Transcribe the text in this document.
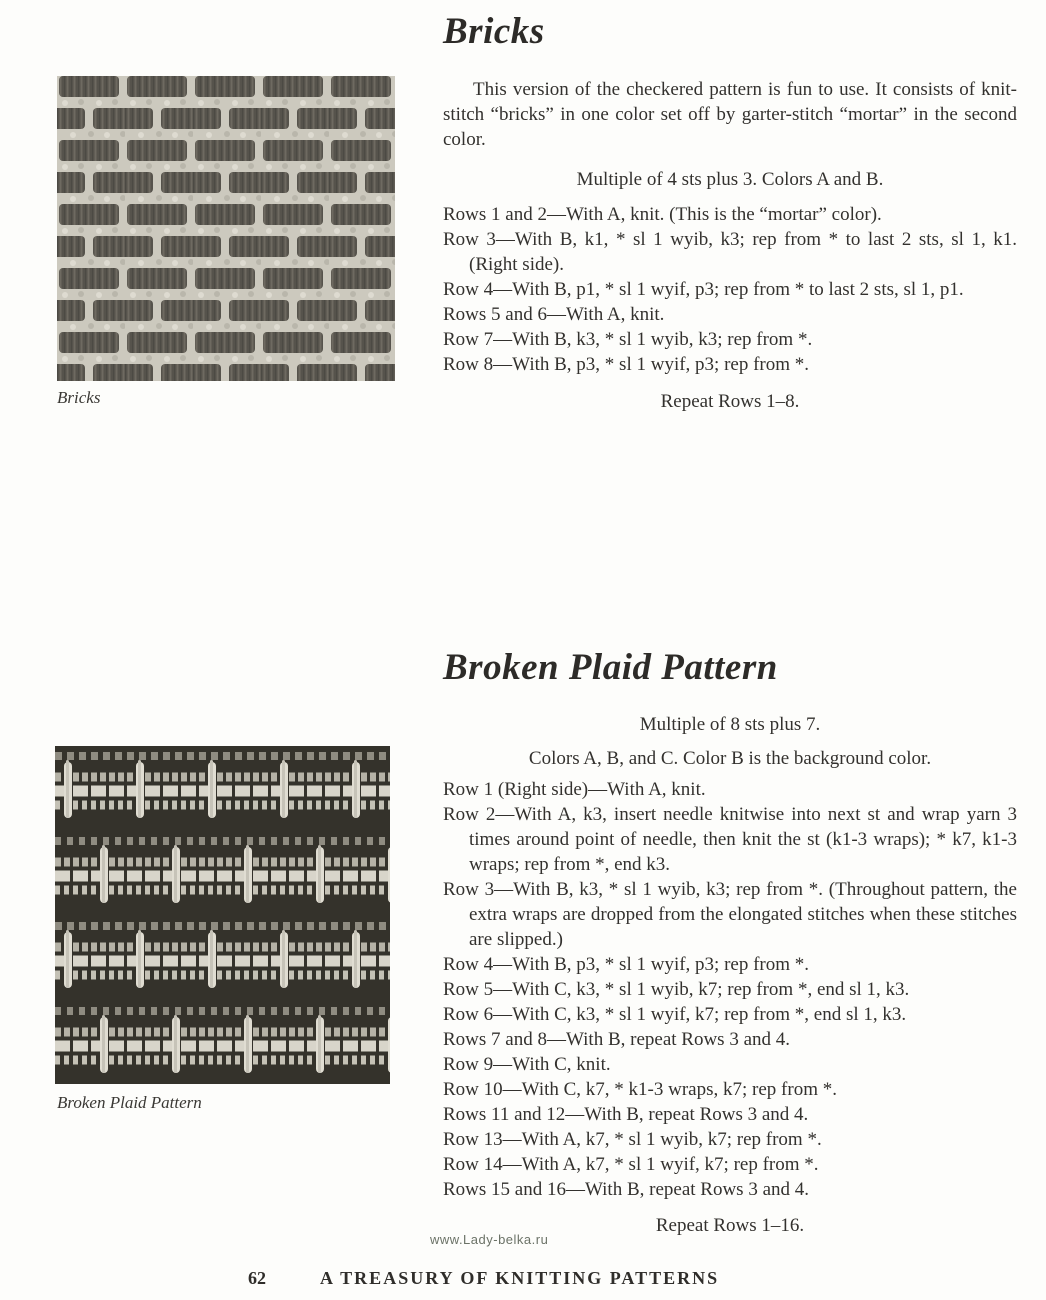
Bricks

Bricks

This version of the checkered pattern is fun to use. It consists of knit-stitch “bricks” in one color set off by garter-stitch “mortar” in the second color.

Multiple of 4 sts plus 3. Colors A and B.

Rows 1 and 2—With A, knit. (This is the “mortar” color).

Row 3—With B, k1, * sl 1 wyib, k3; rep from * to last 2 sts, sl 1, k1. (Right side).

Row 4—With B, p1, * sl 1 wyif, p3; rep from * to last 2 sts, sl 1, p1.

Rows 5 and 6—With A, knit.

Row 7—With B, k3, * sl 1 wyib, k3; rep from *.

Row 8—With B, p3, * sl 1 wyif, p3; rep from *.

Repeat Rows 1–8.

Broken Plaid Pattern

Broken Plaid Pattern

Multiple of 8 sts plus 7.

Colors A, B, and C. Color B is the background color.

Row 1 (Right side)—With A, knit.

Row 2—With A, k3, insert needle knitwise into next st and wrap yarn 3 times around point of needle, then knit the st (k1-3 wraps); * k7, k1-3 wraps; rep from *, end k3.

Row 3—With B, k3, * sl 1 wyib, k3; rep from *. (Throughout pattern, the extra wraps are dropped from the elongated stitches when these stitches are slipped.)

Row 4—With B, p3, * sl 1 wyif, p3; rep from *.

Row 5—With C, k3, * sl 1 wyib, k7; rep from *, end sl 1, k3.

Row 6—With C, k3, * sl 1 wyif, k7; rep from *, end sl 1, k3.

Rows 7 and 8—With B, repeat Rows 3 and 4.

Row 9—With C, knit.

Row 10—With C, k7, * k1-3 wraps, k7; rep from *.

Rows 11 and 12—With B, repeat Rows 3 and 4.

Row 13—With A, k7, * sl 1 wyib, k7; rep from *.

Row 14—With A, k7, * sl 1 wyif, k7; rep from *.

Rows 15 and 16—With B, repeat Rows 3 and 4.

Repeat Rows 1–16.

www.Lady-belka.ru
62	A TREASURY OF KNITTING PATTERNS
